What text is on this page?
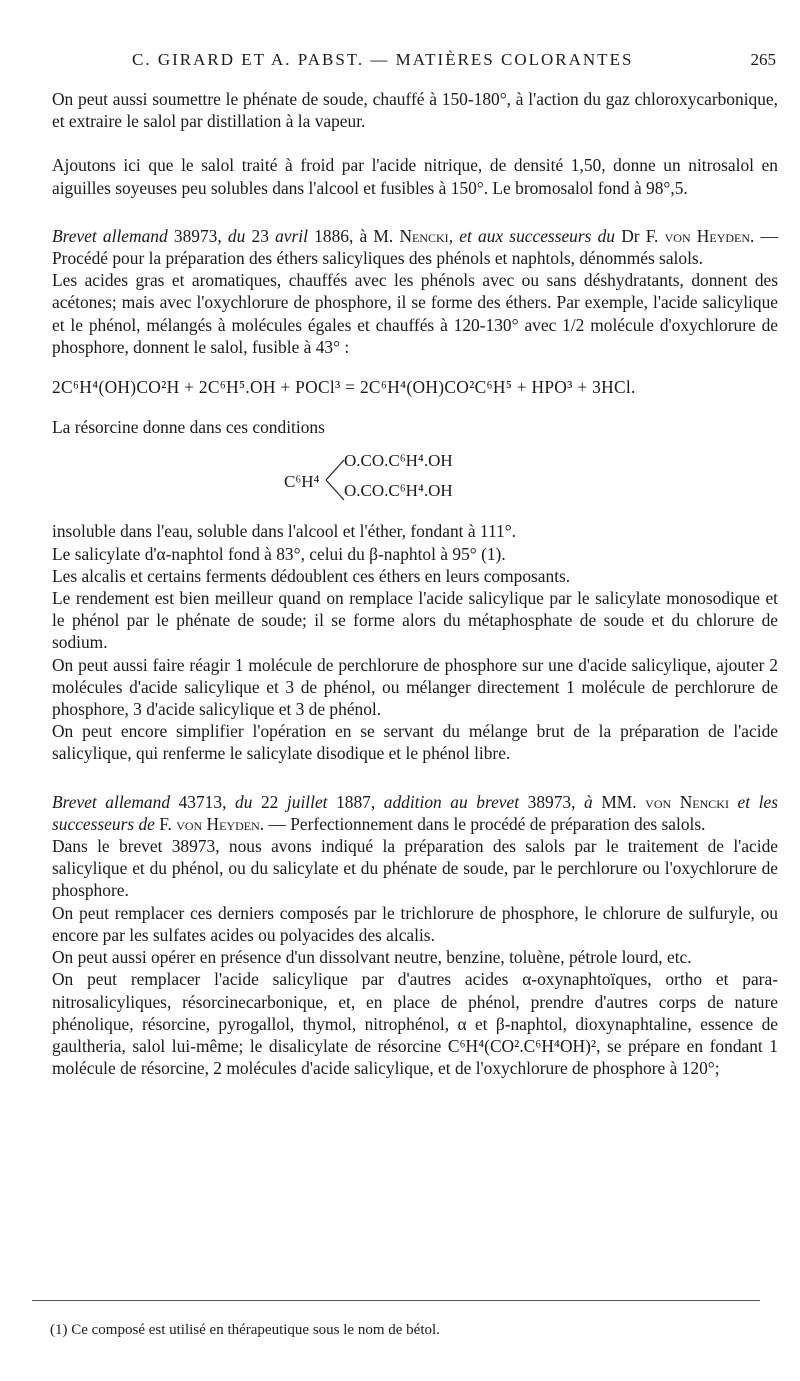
C. GIRARD ET A. PABST. — MATIÈRES COLORANTES	265

On peut aussi soumettre le phénate de soude, chauffé à 150-180°, à l'action du gaz chloroxycarbonique, et extraire le salol par distillation à la vapeur.

Ajoutons ici que le salol traité à froid par l'acide nitrique, de densité 1,50, donne un nitrosalol en aiguilles soyeuses peu solubles dans l'alcool et fusibles à 150°. Le bromosalol fond à 98°,5.

Brevet allemand 38973, du 23 avril 1886, à M. Nencki, et aux successeurs du Dr F. von Heyden. — Procédé pour la préparation des éthers salicyliques des phénols et naphtols, dénommés salols.

Les acides gras et aromatiques, chauffés avec les phénols avec ou sans déshydratants, donnent des acétones; mais avec l'oxychlorure de phosphore, il se forme des éthers. Par exemple, l'acide salicylique et le phénol, mélangés à molécules égales et chauffés à 120-130° avec 1/2 molécule d'oxychlorure de phosphore, donnent le salol, fusible à 43° :

2C⁶H⁴(OH)CO²H + 2C⁶H⁵.OH + POCl³ = 2C⁶H⁴(OH)CO²C⁶H⁵ + HPO³ + 3HCl.

La résorcine donne dans ces conditions

C⁶H⁴
O.CO.C⁶H⁴.OH
O.CO.C⁶H⁴.OH

insoluble dans l'eau, soluble dans l'alcool et l'éther, fondant à 111°.

Le salicylate d'α-naphtol fond à 83°, celui du β-naphtol à 95° (1).

Les alcalis et certains ferments dédoublent ces éthers en leurs composants.

Le rendement est bien meilleur quand on remplace l'acide salicylique par le salicylate monosodique et le phénol par le phénate de soude; il se forme alors du métaphosphate de soude et du chlorure de sodium.

On peut aussi faire réagir 1 molécule de perchlorure de phosphore sur une d'acide salicylique, ajouter 2 molécules d'acide salicylique et 3 de phénol, ou mélanger directement 1 molécule de perchlorure de phosphore, 3 d'acide salicylique et 3 de phénol.

On peut encore simplifier l'opération en se servant du mélange brut de la préparation de l'acide salicylique, qui renferme le salicylate disodique et le phénol libre.

Brevet allemand 43713, du 22 juillet 1887, addition au brevet 38973, à MM. von Nencki et les successeurs de F. von Heyden. — Perfectionnement dans le procédé de préparation des salols.

Dans le brevet 38973, nous avons indiqué la préparation des salols par le traitement de l'acide salicylique et du phénol, ou du salicylate et du phénate de soude, par le perchlorure ou l'oxychlorure de phosphore.

On peut remplacer ces derniers composés par le trichlorure de phosphore, le chlorure de sulfuryle, ou encore par les sulfates acides ou polyacides des alcalis.

On peut aussi opérer en présence d'un dissolvant neutre, benzine, toluène, pétrole lourd, etc.

On peut remplacer l'acide salicylique par d'autres acides α-oxynaphtoïques, ortho et para-nitrosalicyliques, résorcinecarbonique, et, en place de phénol, prendre d'autres corps de nature phénolique, résorcine, pyrogallol, thymol, nitrophénol, α et β-naphtol, dioxynaphtaline, essence de gaultheria, salol lui-même; le disalicylate de résorcine C⁶H⁴(CO².C⁶H⁴OH)², se prépare en fondant 1 molécule de résorcine, 2 molécules d'acide salicylique, et de l'oxychlorure de phosphore à 120°;

(1) Ce composé est utilisé en thérapeutique sous le nom de bétol.
